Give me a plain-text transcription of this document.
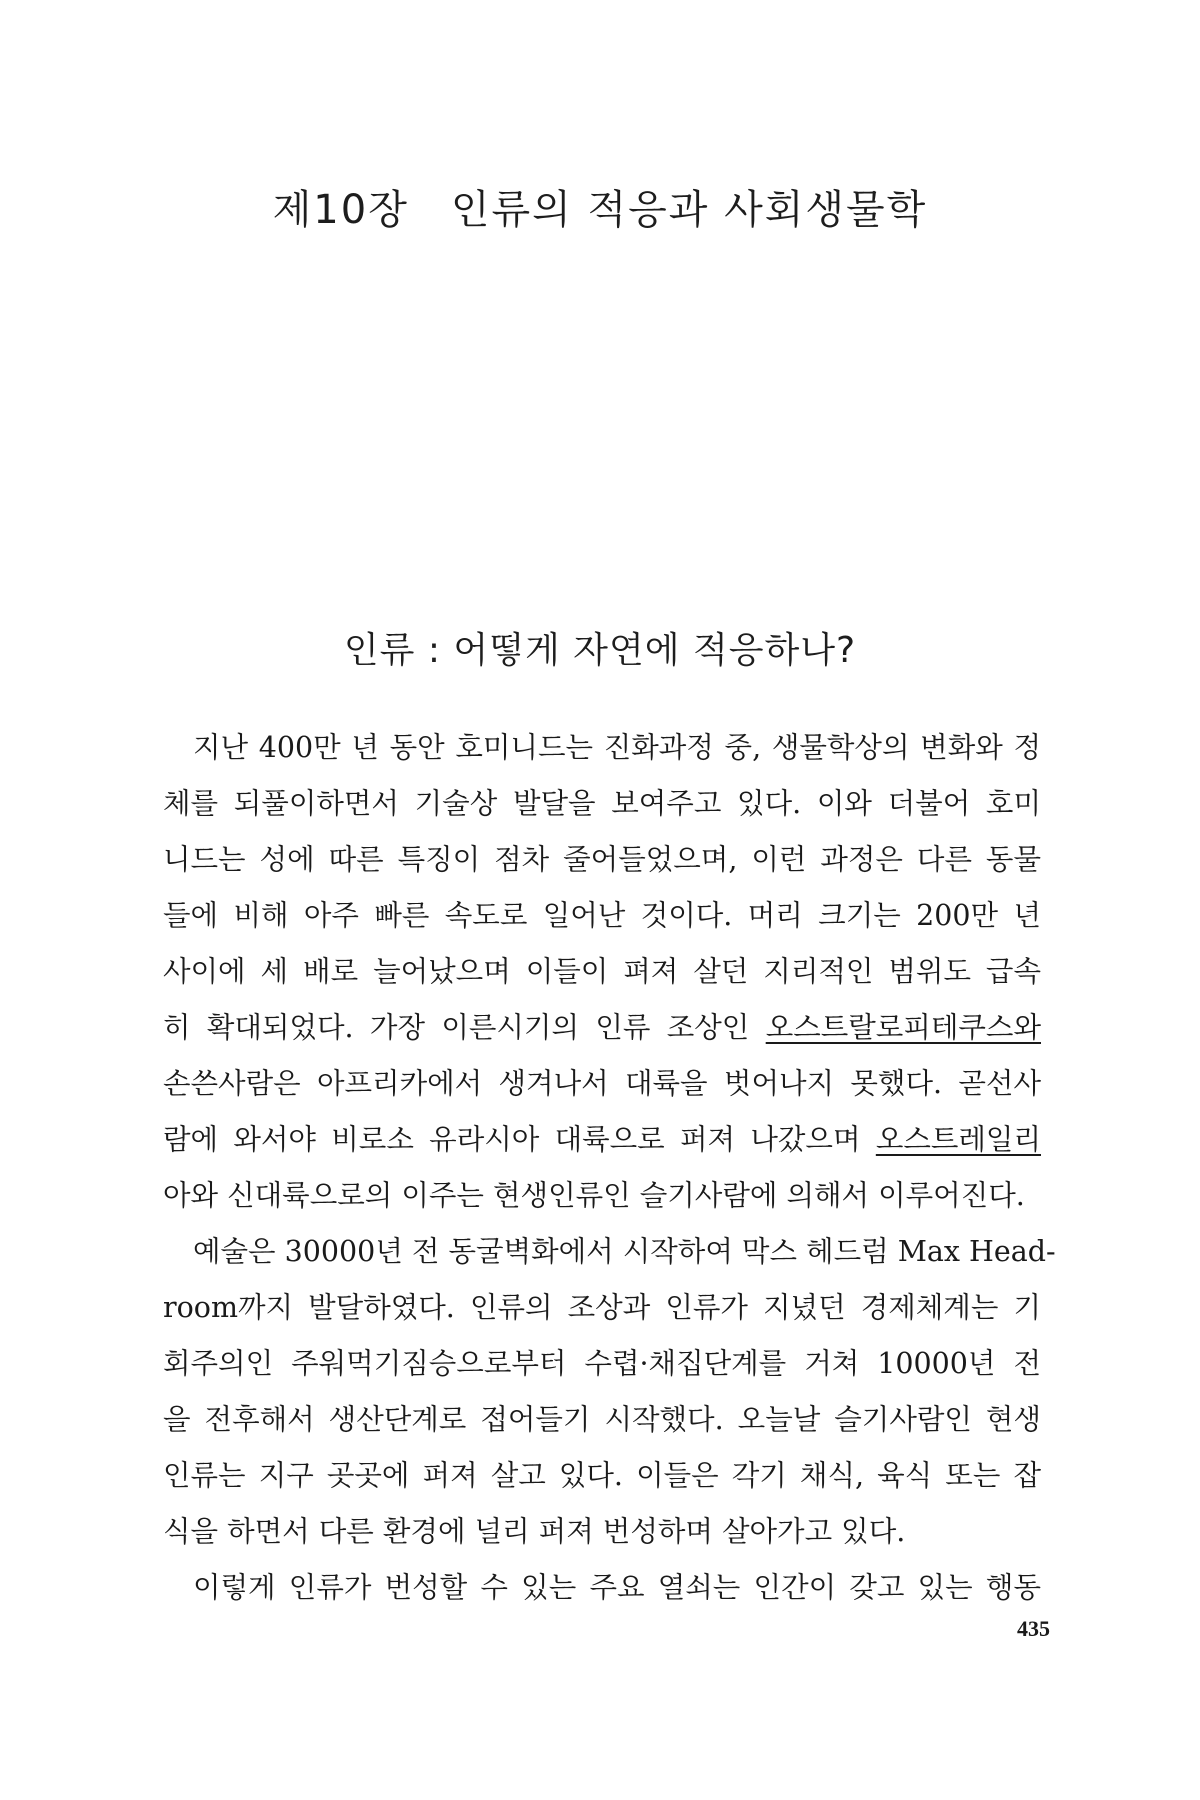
제10장　인류의 적응과 사회생물학
인류 : 어떻게 자연에 적응하나?
지난 400만 년 동안 호미니드는 진화과정 중, 생물학상의 변화와 정
체를 되풀이하면서 기술상 발달을 보여주고 있다. 이와 더불어 호미
니드는 성에 따른 특징이 점차 줄어들었으며, 이런 과정은 다른 동물
들에 비해 아주 빠른 속도로 일어난 것이다. 머리 크기는 200만 년
사이에 세 배로 늘어났으며 이들이 펴져 살던 지리적인 범위도 급속
히 확대되었다. 가장 이른시기의 인류 조상인 오스트랄로피테쿠스와
손쓴사람은 아프리카에서 생겨나서 대륙을 벗어나지 못했다. 곧선사
람에 와서야 비로소 유라시아 대륙으로 퍼져 나갔으며 오스트레일리
아와 신대륙으로의 이주는 현생인류인 슬기사람에 의해서 이루어진다.
예술은 30000년 전 동굴벽화에서 시작하여 막스 헤드럼 Max Head-
room까지 발달하였다. 인류의 조상과 인류가 지녔던 경제체계는 기
회주의인 주워먹기짐승으로부터 수렵·채집단계를 거쳐 10000년 전
을 전후해서 생산단계로 접어들기 시작했다. 오늘날 슬기사람인 현생
인류는 지구 곳곳에 퍼져 살고 있다. 이들은 각기 채식, 육식 또는 잡
식을 하면서 다른 환경에 널리 퍼져 번성하며 살아가고 있다.
이렇게 인류가 번성할 수 있는 주요 열쇠는 인간이 갖고 있는 행동
435
